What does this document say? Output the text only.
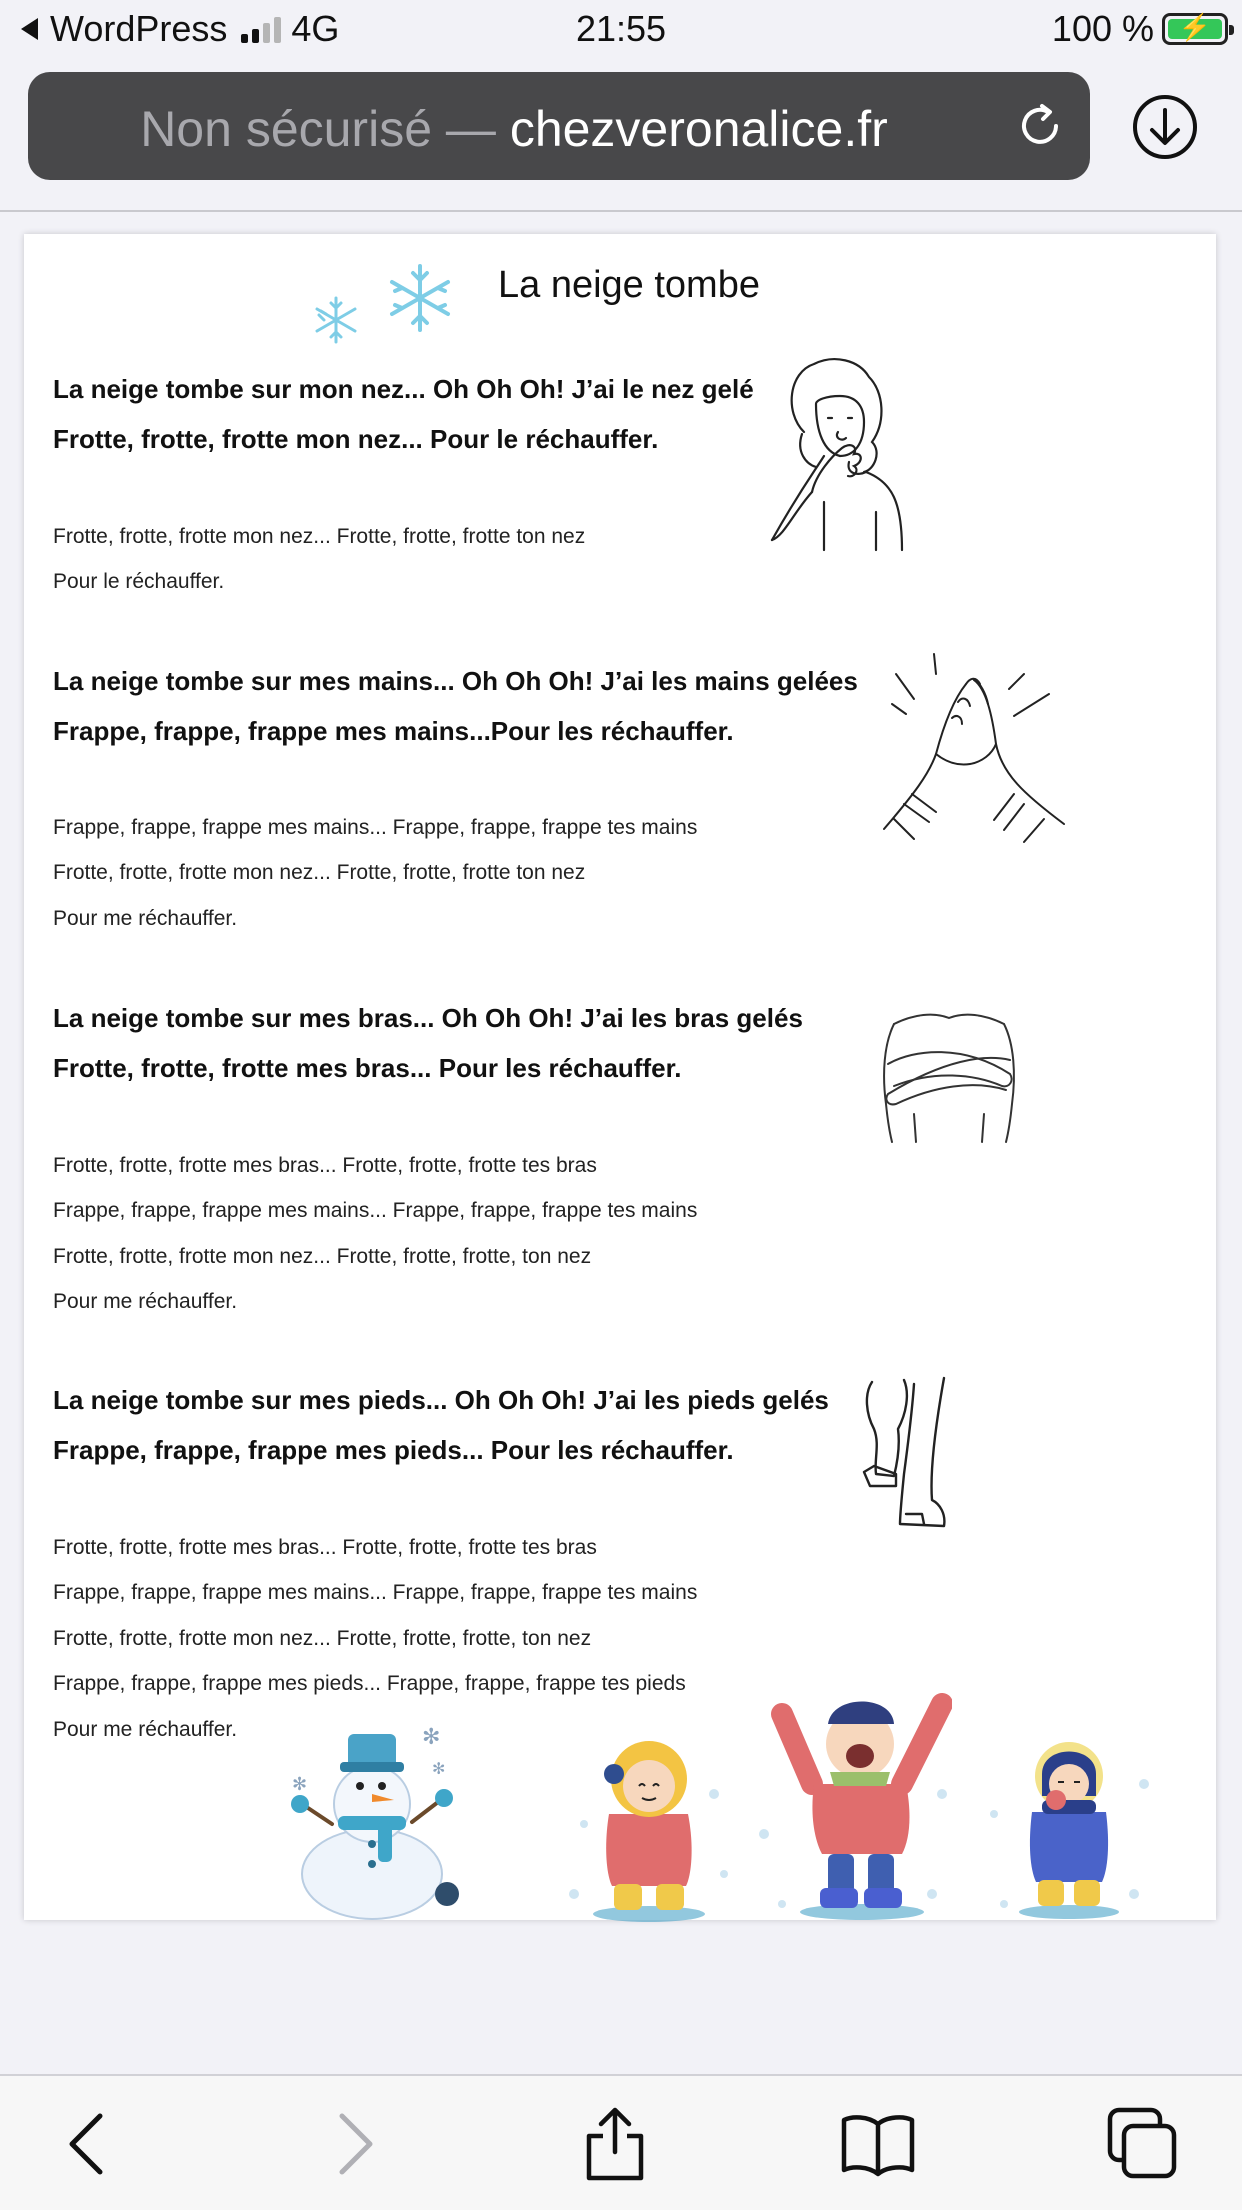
WordPress 4G	21:55	100 % ⚡
Non sécurisé — chezveronalice.fr
La neige tombe
La neige tombe sur mon nez... Oh Oh Oh! J’ai le nez gelé
Frotte, frotte, frotte mon nez... Pour le réchauffer.
Frotte, frotte, frotte mon nez... Frotte, frotte, frotte ton nez
Pour le réchauffer.
La neige tombe sur mes mains... Oh Oh Oh! J’ai les mains gelées
Frappe, frappe, frappe mes mains...Pour les réchauffer.
Frappe, frappe, frappe mes mains... Frappe, frappe, frappe tes mains
Frotte, frotte, frotte mon nez... Frotte, frotte, frotte ton nez
Pour me réchauffer.
La neige tombe sur mes bras... Oh Oh Oh! J’ai les bras gelés
Frotte, frotte, frotte mes bras... Pour les réchauffer.
Frotte, frotte, frotte mes bras... Frotte, frotte, frotte tes bras
Frappe, frappe, frappe mes mains... Frappe, frappe, frappe tes mains
Frotte, frotte, frotte mon nez... Frotte, frotte, frotte, ton nez
Pour me réchauffer.
La neige tombe sur mes pieds... Oh Oh Oh! J’ai les pieds gelés
Frappe, frappe, frappe mes pieds... Pour les réchauffer.
Frotte, frotte, frotte mes bras... Frotte, frotte, frotte tes bras
Frappe, frappe, frappe mes mains... Frappe, frappe, frappe tes mains
Frotte, frotte, frotte mon nez... Frotte, frotte, frotte, ton nez
Frappe, frappe, frappe mes pieds... Frappe, frappe, frappe tes pieds
Pour me réchauffer.	✻
✻
✻
